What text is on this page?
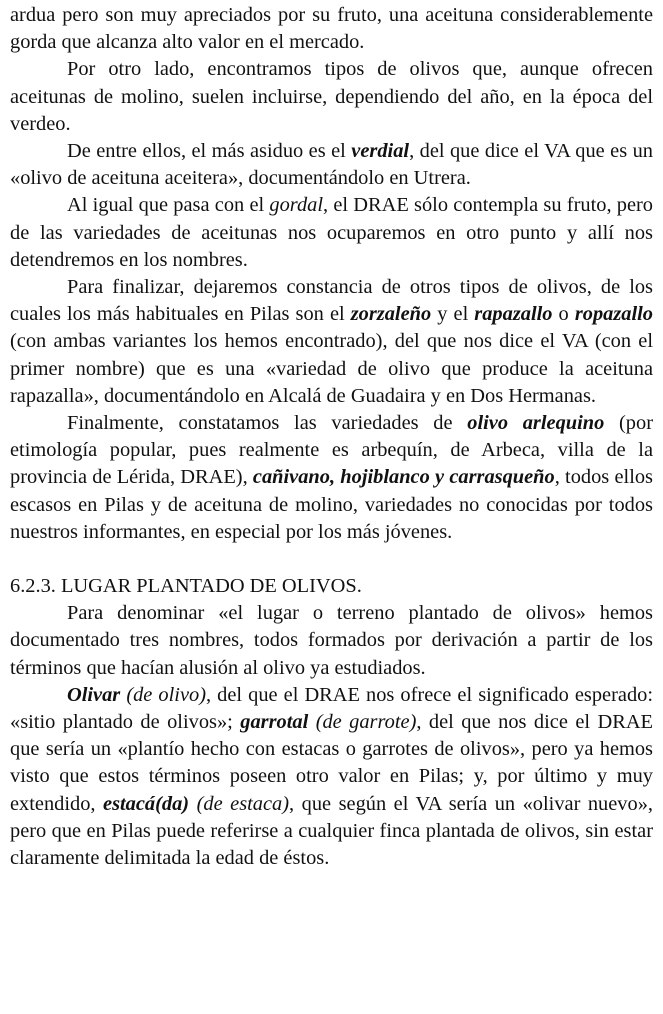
ardua pero son muy apreciados por su fruto, una aceituna considerablemente gorda que alcanza alto valor en el mercado.

Por otro lado, encontramos tipos de olivos que, aunque ofrecen aceitunas de molino, suelen incluirse, dependiendo del año, en la época del verdeo.

De entre ellos, el más asiduo es el verdial, del que dice el VA que es un «olivo de aceituna aceitera», documentándolo en Utrera.

Al igual que pasa con el gordal, el DRAE sólo contempla su fruto, pero de las variedades de aceitunas nos ocuparemos en otro punto y allí nos detendremos en los nombres.

Para finalizar, dejaremos constancia de otros tipos de olivos, de los cuales los más habituales en Pilas son el zorzaleño y el rapazallo o ropazallo (con ambas variantes los hemos encontrado), del que nos dice el VA (con el primer nombre) que es una «variedad de olivo que produce la aceituna rapazalla», documentándolo en Alcalá de Guadaira y en Dos Hermanas.

Finalmente, constatamos las variedades de olivo arlequino (por etimología popular, pues realmente es arbequín, de Arbeca, villa de la provincia de Lérida, DRAE), cañivano, hojiblanco y carrasqueño, todos ellos escasos en Pilas y de aceituna de molino, variedades no conocidas por todos nuestros informantes, en especial por los más jóvenes.

6.2.3. LUGAR PLANTADO DE OLIVOS.

Para denominar «el lugar o terreno plantado de olivos» hemos documentado tres nombres, todos formados por derivación a partir de los términos que hacían alusión al olivo ya estudiados.

Olivar (de olivo), del que el DRAE nos ofrece el significado esperado: «sitio plantado de olivos»; garrotal (de garrote), del que nos dice el DRAE que sería un «plantío hecho con estacas o garrotes de olivos», pero ya hemos visto que estos términos poseen otro valor en Pilas; y, por último y muy extendido, estacá(da) (de estaca), que según el VA sería un «olivar nuevo», pero que en Pilas puede referirse a cualquier finca plantada de olivos, sin estar claramente delimitada la edad de éstos.
